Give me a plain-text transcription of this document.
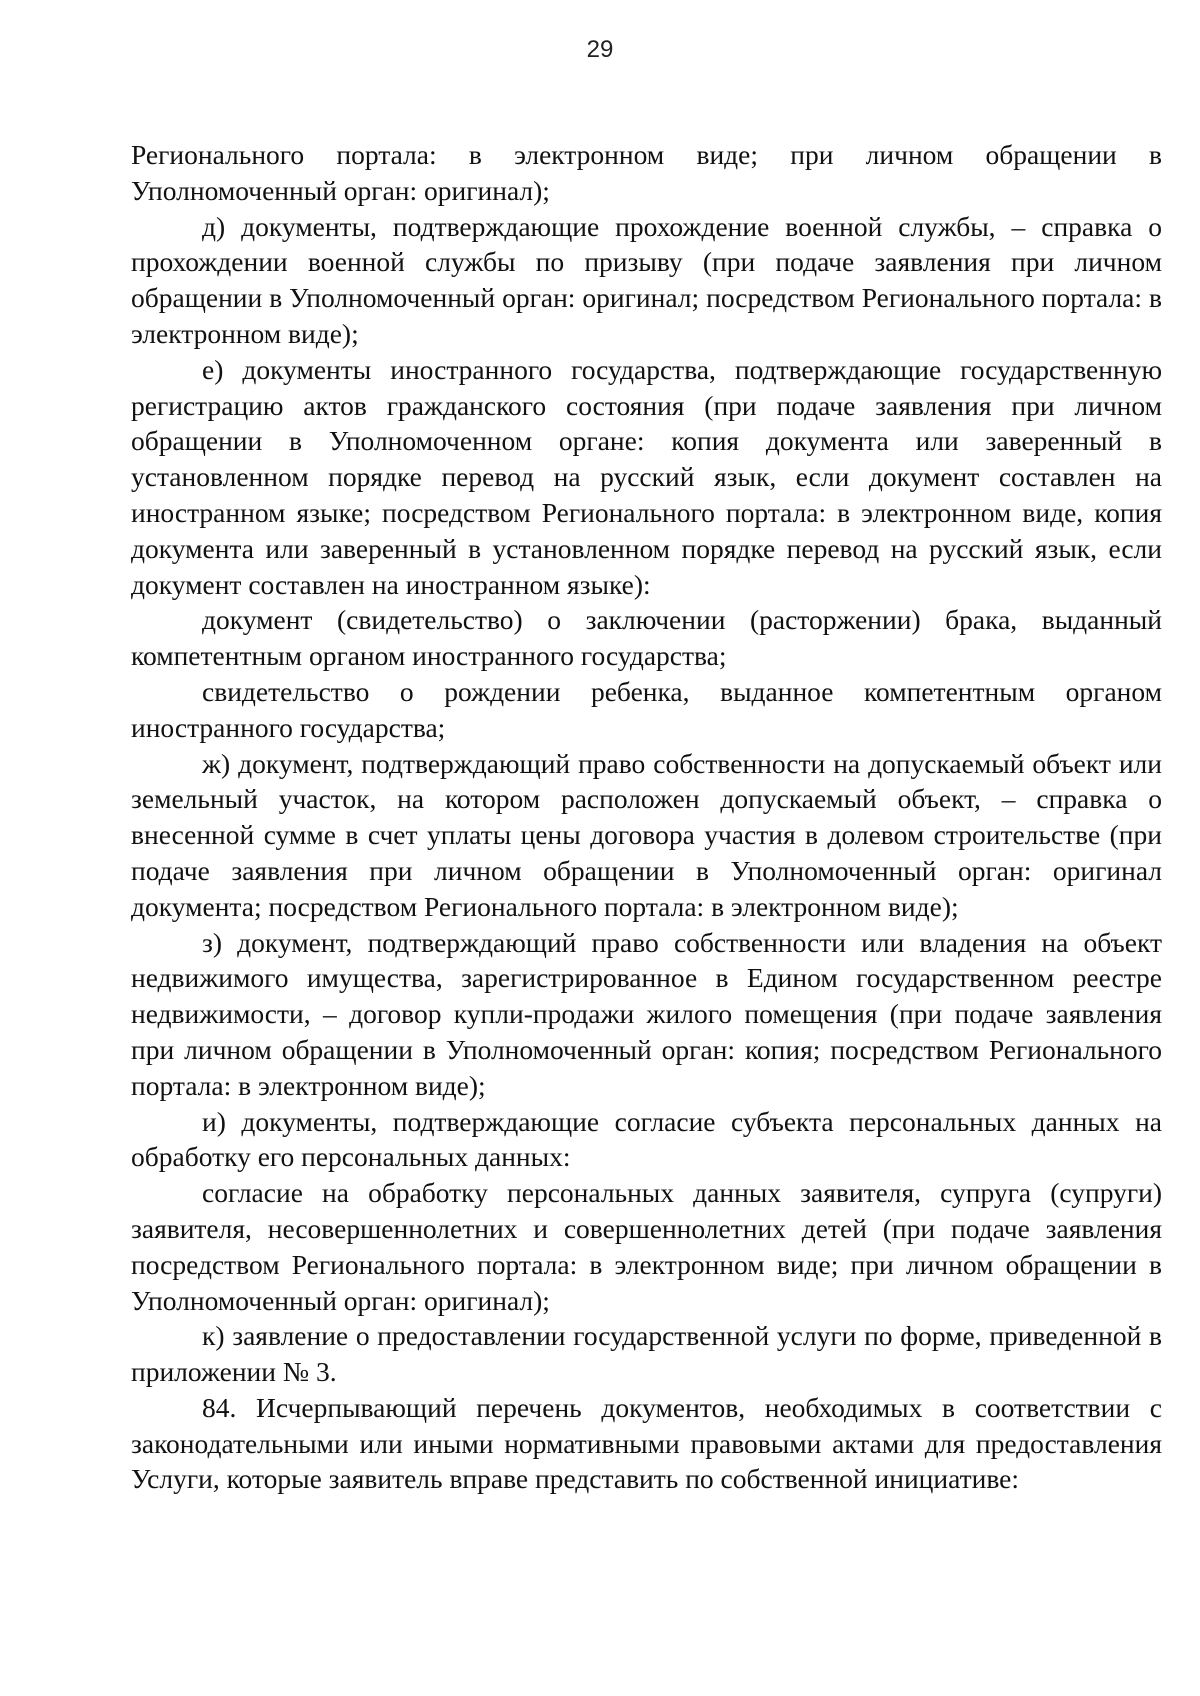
29

Регионального портала: в электронном виде; при личном обращении в Уполномоченный орган: оригинал);

д) документы, подтверждающие прохождение военной службы, – справка о прохождении военной службы по призыву (при подаче заявления при личном обращении в Уполномоченный орган: оригинал; посредством Регионального портала: в электронном виде);

е) документы иностранного государства, подтверждающие государственную регистрацию актов гражданского состояния (при подаче заявления при личном обращении в Уполномоченном органе: копия документа или заверенный в установленном порядке перевод на русский язык, если документ составлен на иностранном языке; посредством Регионального портала: в электронном виде, копия документа или заверенный в установленном порядке перевод на русский язык, если документ составлен на иностранном языке):

документ (свидетельство) о заключении (расторжении) брака, выданный компетентным органом иностранного государства;

свидетельство о рождении ребенка, выданное компетентным органом иностранного государства;

ж) документ, подтверждающий право собственности на допускаемый объект или земельный участок, на котором расположен допускаемый объект, – справка о внесенной сумме в счет уплаты цены договора участия в долевом строительстве (при подаче заявления при личном обращении в Уполномоченный орган: оригинал документа; посредством Регионального портала: в электронном виде);

з) документ, подтверждающий право собственности или владения на объект недвижимого имущества, зарегистрированное в Едином государственном реестре недвижимости, – договор купли-продажи жилого помещения (при подаче заявления при личном обращении в Уполномоченный орган: копия; посредством Регионального портала: в электронном виде);

и) документы, подтверждающие согласие субъекта персональных данных на обработку его персональных данных:

согласие на обработку персональных данных заявителя, супруга (супруги) заявителя, несовершеннолетних и совершеннолетних детей (при подаче заявления посредством Регионального портала: в электронном виде; при личном обращении в Уполномоченный орган: оригинал);

к) заявление о предоставлении государственной услуги по форме, приведенной в приложении № 3.

84. Исчерпывающий перечень документов, необходимых в соответствии с законодательными или иными нормативными правовыми актами для предоставления Услуги, которые заявитель вправе представить по собственной инициативе:
